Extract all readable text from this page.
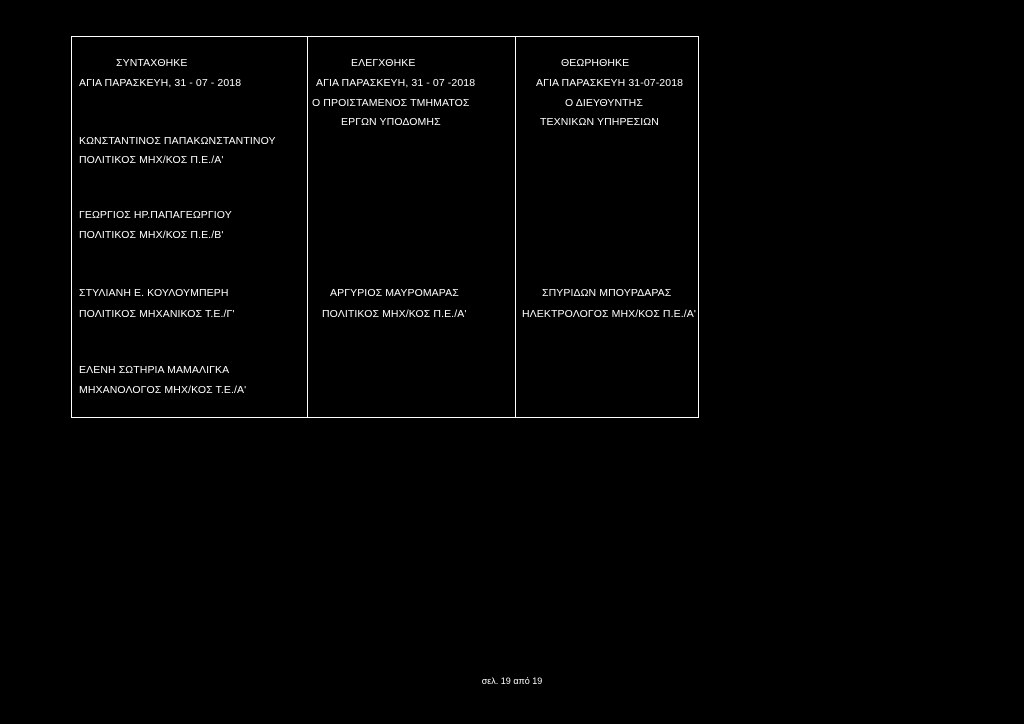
ΣΥΝΤΑΧΘΗΚΕ
ΑΓΙΑ ΠΑΡΑΣΚΕΥΗ, 31 - 07 - 2018
ΚΩΝΣΤΑΝΤΙΝΟΣ ΠΑΠΑΚΩΝΣΤΑΝΤΙΝΟΥ
ΠΟΛΙΤΙΚΟΣ ΜΗΧ/ΚΟΣ Π.Ε./Α'
ΓΕΩΡΓΙΟΣ ΗΡ.ΠΑΠΑΓΕΩΡΓΙΟΥ
ΠΟΛΙΤΙΚΟΣ ΜΗΧ/ΚΟΣ Π.Ε./Β'
ΣΤΥΛΙΑΝΗ Ε. ΚΟΥΛΟΥΜΠΕΡΗ
ΠΟΛΙΤΙΚΟΣ ΜΗΧΑΝΙΚΟΣ Τ.Ε./Γ'
ΕΛΕΝΗ ΣΩΤΗΡΙΑ ΜΑΜΑΛΙΓΚΑ
ΜΗΧΑΝΟΛΟΓΟΣ ΜΗΧ/ΚΟΣ Τ.Ε./Α'
ΕΛΕΓΧΘΗΚΕ
ΑΓΙΑ ΠΑΡΑΣΚΕΥΗ, 31 - 07 -2018
Ο ΠΡΟΙΣΤΑΜΕΝΟΣ ΤΜΗΜΑΤΟΣ
ΕΡΓΩΝ ΥΠΟΔΟΜΗΣ
ΑΡΓΥΡΙΟΣ ΜΑΥΡΟΜΑΡΑΣ
ΠΟΛΙΤΙΚΟΣ ΜΗΧ/ΚΟΣ Π.Ε./Α'
ΘΕΩΡΗΘΗΚΕ
ΑΓΙΑ ΠΑΡΑΣΚΕΥΗ 31-07-2018
Ο ΔΙΕΥΘΥΝΤΗΣ
ΤΕΧΝΙΚΩΝ ΥΠΗΡΕΣΙΩΝ
ΣΠΥΡΙΔΩΝ ΜΠΟΥΡΔΑΡΑΣ
ΗΛΕΚΤΡΟΛΟΓΟΣ ΜΗΧ/ΚΟΣ Π.Ε./Α'
σελ. 19 από 19
